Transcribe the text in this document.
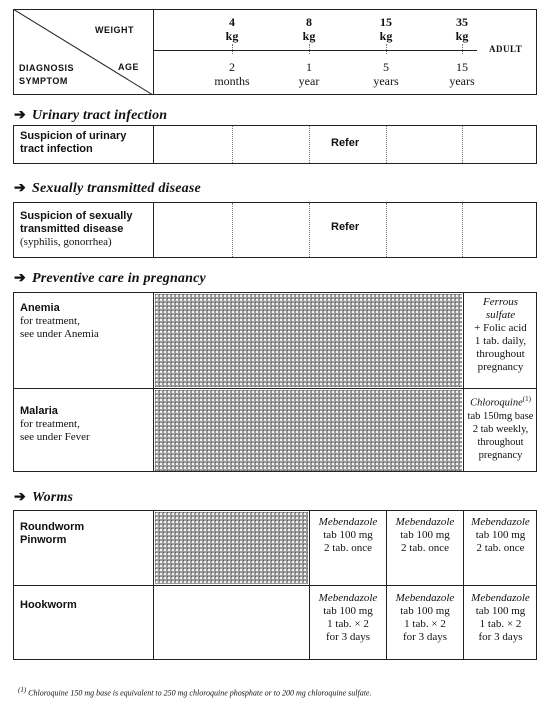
WEIGHT
AGE
DIAGNOSIS
SYMPTOM
4
kg
8
kg
15
kg
35
kg
ADULT
2
months
1
year
5
years
15
years
➔ Urinary tract infection
Suspicion of urinary
tract infection	Refer
➔ Sexually transmitted disease
Suspicion of sexually
transmitted disease
(syphilis, gonorrhea)
Refer
➔ Preventive care in pregnancy
Anemia
for treatment,
see under Anemia
Ferrous
sulfate
+ Folic acid
1 tab. daily,
throughout
pregnancy
Malaria
for treatment,
see under Fever
Chloroquine$^{(1)}$
tab 150mg base
2 tab weekly,
throughout
pregnancy
➔ Worms
Roundworm
Pinworm
Mebendazole
tab 100 mg
2 tab. once
Mebendazole
tab 100 mg
2 tab. once
Mebendazole
tab 100 mg
2 tab. once
Hookworm
Mebendazole
tab 100 mg
1 tab. × 2
for 3 days
Mebendazole
tab 100 mg
1 tab. × 2
for 3 days
Mebendazole
tab 100 mg
1 tab. × 2
for 3 days
$^{(1)}$ Chloroquine 150 mg base is equivalent to 250 mg chloroquine phosphate or to 200 mg chloroquine sulfate.
